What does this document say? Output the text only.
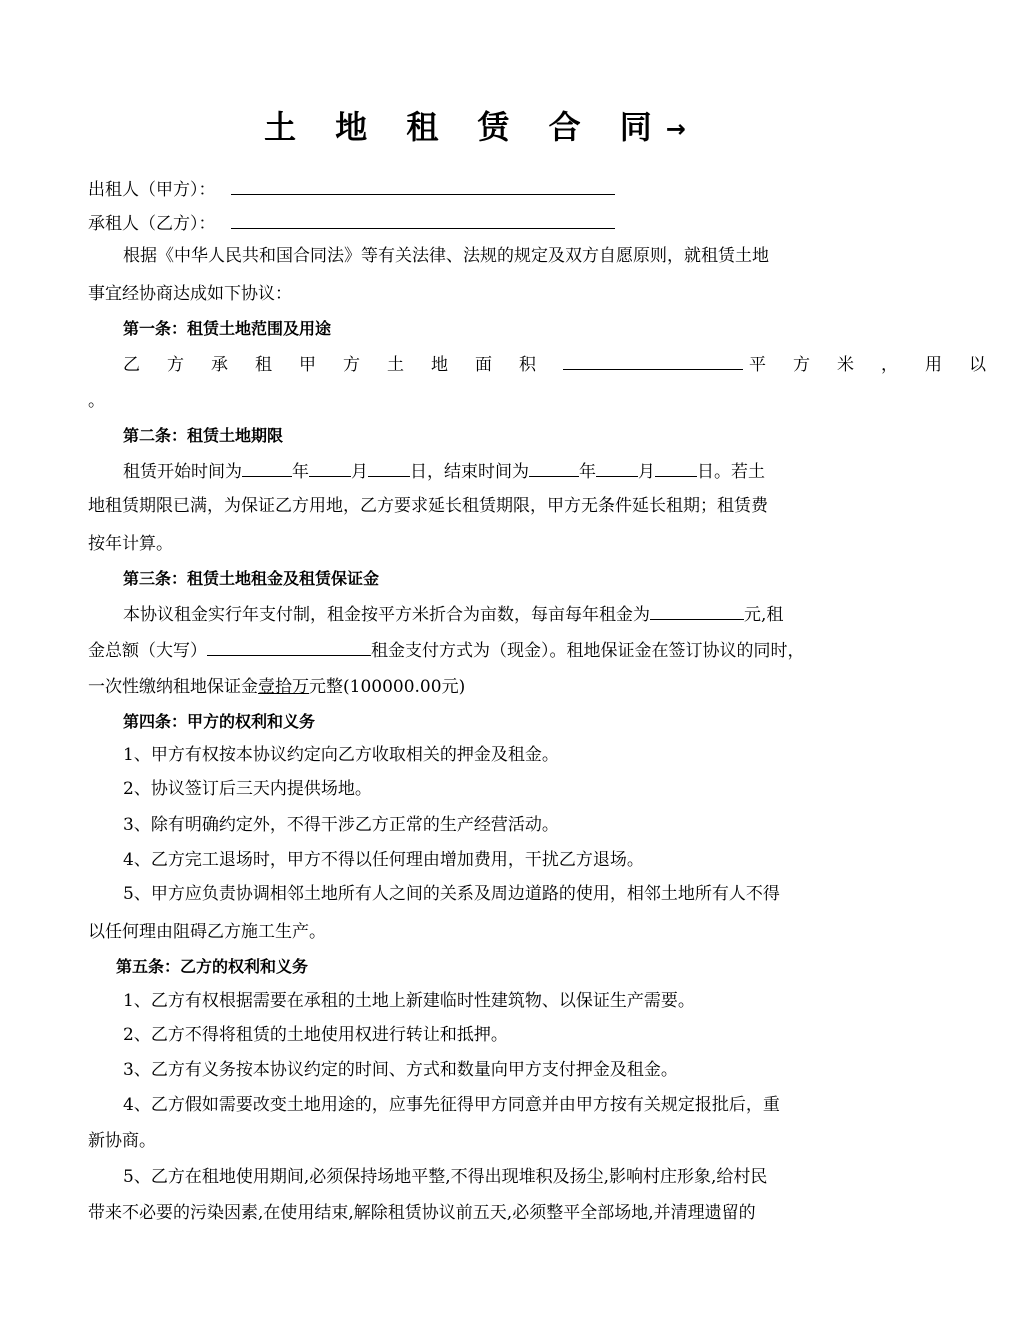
土 地 租 赁 合 同→
出租人（甲方）：
承租人（乙方）：
根据《中华人民共和国合同法》等有关法律、法规的规定及双方自愿原则，就租赁土地
事宜经协商达成如下协议：
第一条：租赁土地范围及用途
乙方承租甲方土地面积	平方米，用以
。
第二条：租赁土地期限
租赁开始时间为	年 月 日，结束时间为	年 月 日。若土
地租赁期限已满，为保证乙方用地，乙方要求延长租赁期限，甲方无条件延长租期；租赁费
按年计算。
第三条：租赁土地租金及租赁保证金
本协议租金实行年支付制，租金按平方米折合为亩数，每亩每年租金为	元,租
金总额（大写）	租金支付方式为（现金）。租地保证金在签订协议的同时，
一次性缴纳租地保证金壹拾万元整(100000.00元)
第四条：甲方的权利和义务
1、甲方有权按本协议约定向乙方收取相关的押金及租金。
2、协议签订后三天内提供场地。
3、除有明确约定外，不得干涉乙方正常的生产经营活动。
4、乙方完工退场时，甲方不得以任何理由增加费用，干扰乙方退场。
5、甲方应负责协调相邻土地所有人之间的关系及周边道路的使用，相邻土地所有人不得
以任何理由阻碍乙方施工生产。
第五条：乙方的权利和义务
1、乙方有权根据需要在承租的土地上新建临时性建筑物、以保证生产需要。
2、乙方不得将租赁的土地使用权进行转让和抵押。
3、乙方有义务按本协议约定的时间、方式和数量向甲方支付押金及租金。
4、乙方假如需要改变土地用途的，应事先征得甲方同意并由甲方按有关规定报批后，重
新协商。
5、乙方在租地使用期间,必须保持场地平整,不得出现堆积及扬尘,影响村庄形象,给村民
带来不必要的污染因素,在使用结束,解除租赁协议前五天,必须整平全部场地,并清理遗留的
